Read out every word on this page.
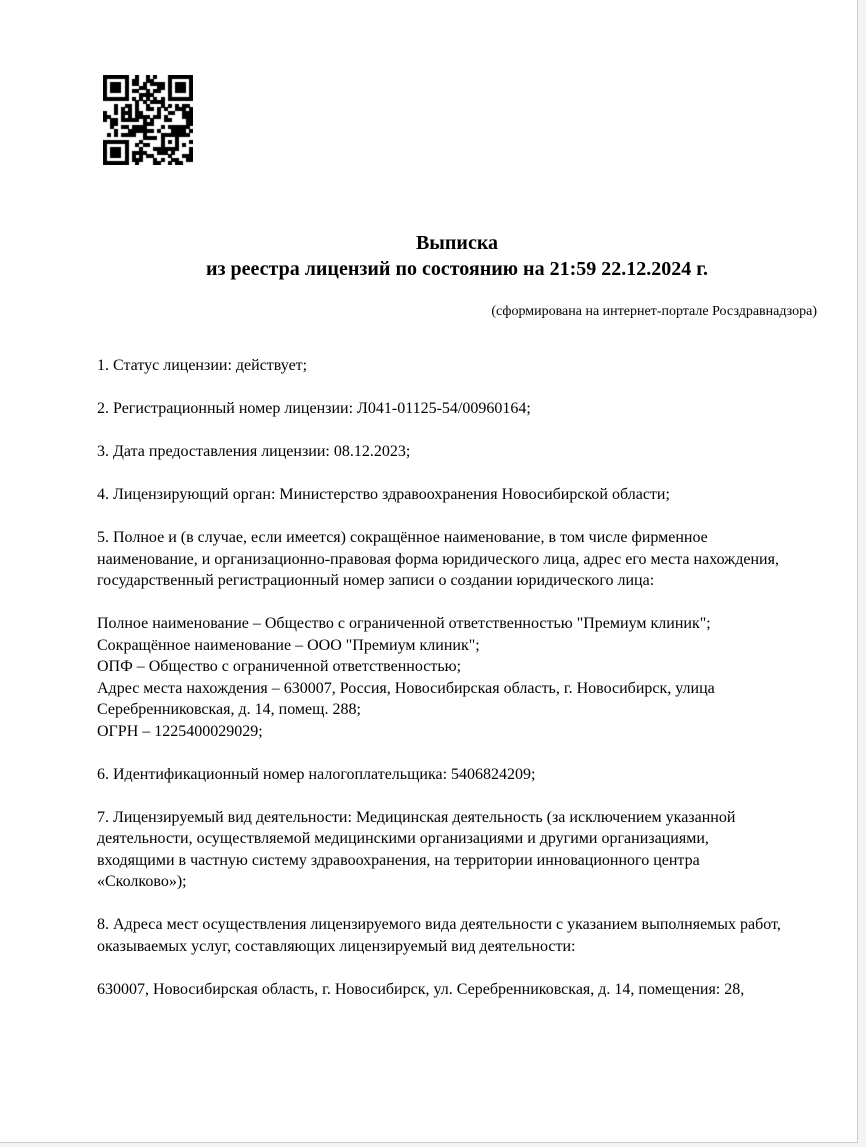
Выписка
из реестра лицензий по состоянию на 21:59 22.12.2024 г.
(сформирована на интернет-портале Росздравнадзора)

1. Статус лицензии: действует;

2. Регистрационный номер лицензии: Л041-01125-54/00960164;

3. Дата предоставления лицензии: 08.12.2023;

4. Лицензирующий орган: Министерство здравоохранения Новосибирской области;

5. Полное и (в случае, если имеется) сокращённое наименование, в том числе фирменное наименование, и организационно-правовая форма юридического лица, адрес его места нахождения, государственный регистрационный номер записи о создании юридического лица:

Полное наименование – Общество с ограниченной ответственностью "Премиум клиник";
Сокращённое наименование – ООО "Премиум клиник";
ОПФ – Общество с ограниченной ответственностью;
Адрес места нахождения – 630007, Россия, Новосибирская область, г. Новосибирск, улица Серебренниковская, д. 14, помещ. 288;
ОГРН – 1225400029029;

6. Идентификационный номер налогоплательщика: 5406824209;

7. Лицензируемый вид деятельности: Медицинская деятельность (за исключением указанной деятельности, осуществляемой медицинскими организациями и другими организациями, входящими в частную систему здравоохранения, на территории инновационного центра «Сколково»);

8. Адреса мест осуществления лицензируемого вида деятельности с указанием выполняемых работ, оказываемых услуг, составляющих лицензируемый вид деятельности:

630007, Новосибирская область, г. Новосибирск, ул. Серебренниковская, д. 14, помещения: 28,
